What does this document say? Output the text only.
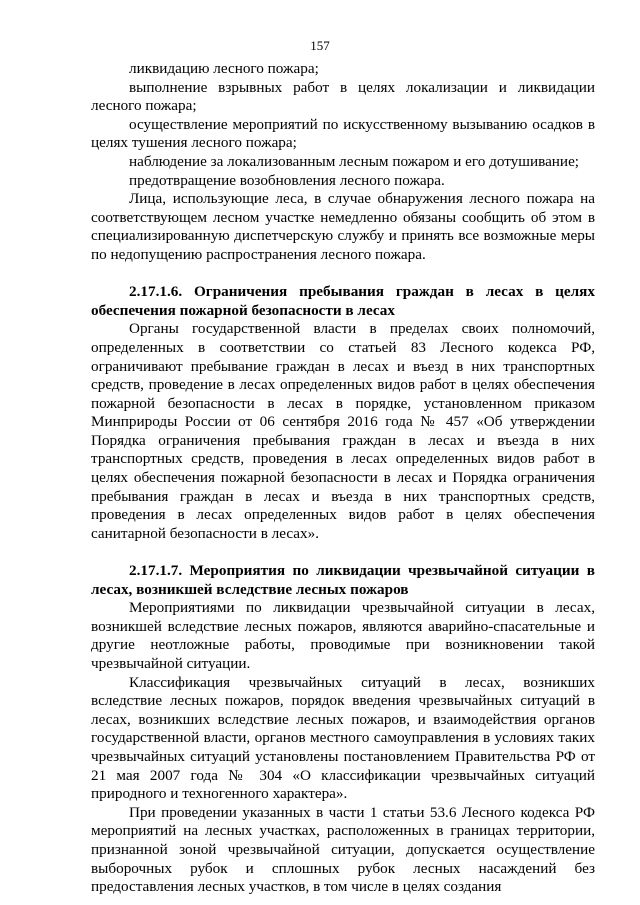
157

ликвидацию лесного пожара;

выполнение взрывных работ в целях локализации и ликвидации лесного пожара;

осуществление мероприятий по искусственному вызыванию осадков в целях тушения лесного пожара;

наблюдение за локализованным лесным пожаром и его дотушивание;

предотвращение возобновления лесного пожара.

Лица, использующие леса, в случае обнаружения лесного пожара на соответствующем лесном участке немедленно обязаны сообщить об этом в специализированную диспетчерскую службу и принять все возможные меры по недопущению распространения лесного пожара.

2.17.1.6. Ограничения пребывания граждан в лесах в целях обеспечения пожарной безопасности в лесах

Органы государственной власти в пределах своих полномочий, определенных в соответствии со статьей 83 Лесного кодекса РФ, ограничивают пребывание граждан в лесах и въезд в них транспортных средств, проведение в лесах определенных видов работ в целях обеспечения пожарной безопасности в лесах в порядке, установленном приказом Минприроды России от 06 сентября 2016 года № 457 «Об утверждении Порядка ограничения пребывания граждан в лесах и въезда в них транспортных средств, проведения в лесах определенных видов работ в целях обеспечения пожарной безопасности в лесах и Порядка ограничения пребывания граждан в лесах и въезда в них транспортных средств, проведения в лесах определенных видов работ в целях обеспечения санитарной безопасности в лесах».

2.17.1.7. Мероприятия по ликвидации чрезвычайной ситуации в лесах, возникшей вследствие лесных пожаров

Мероприятиями по ликвидации чрезвычайной ситуации в лесах, возникшей вследствие лесных пожаров, являются аварийно-спасательные и другие неотложные работы, проводимые при возникновении такой чрезвычайной ситуации.

Классификация чрезвычайных ситуаций в лесах, возникших вследствие лесных пожаров, порядок введения чрезвычайных ситуаций в лесах, возникших вследствие лесных пожаров, и взаимодействия органов государственной власти, органов местного самоуправления в условиях таких чрезвычайных ситуаций установлены постановлением Правительства РФ от 21 мая 2007 года № 304 «О классификации чрезвычайных ситуаций природного и техногенного характера».

При проведении указанных в части 1 статьи 53.6 Лесного кодекса РФ мероприятий на лесных участках, расположенных в границах территории, признанной зоной чрезвычайной ситуации, допускается осуществление выборочных рубок и сплошных рубок лесных насаждений без предоставления лесных участков, в том числе в целях создания
